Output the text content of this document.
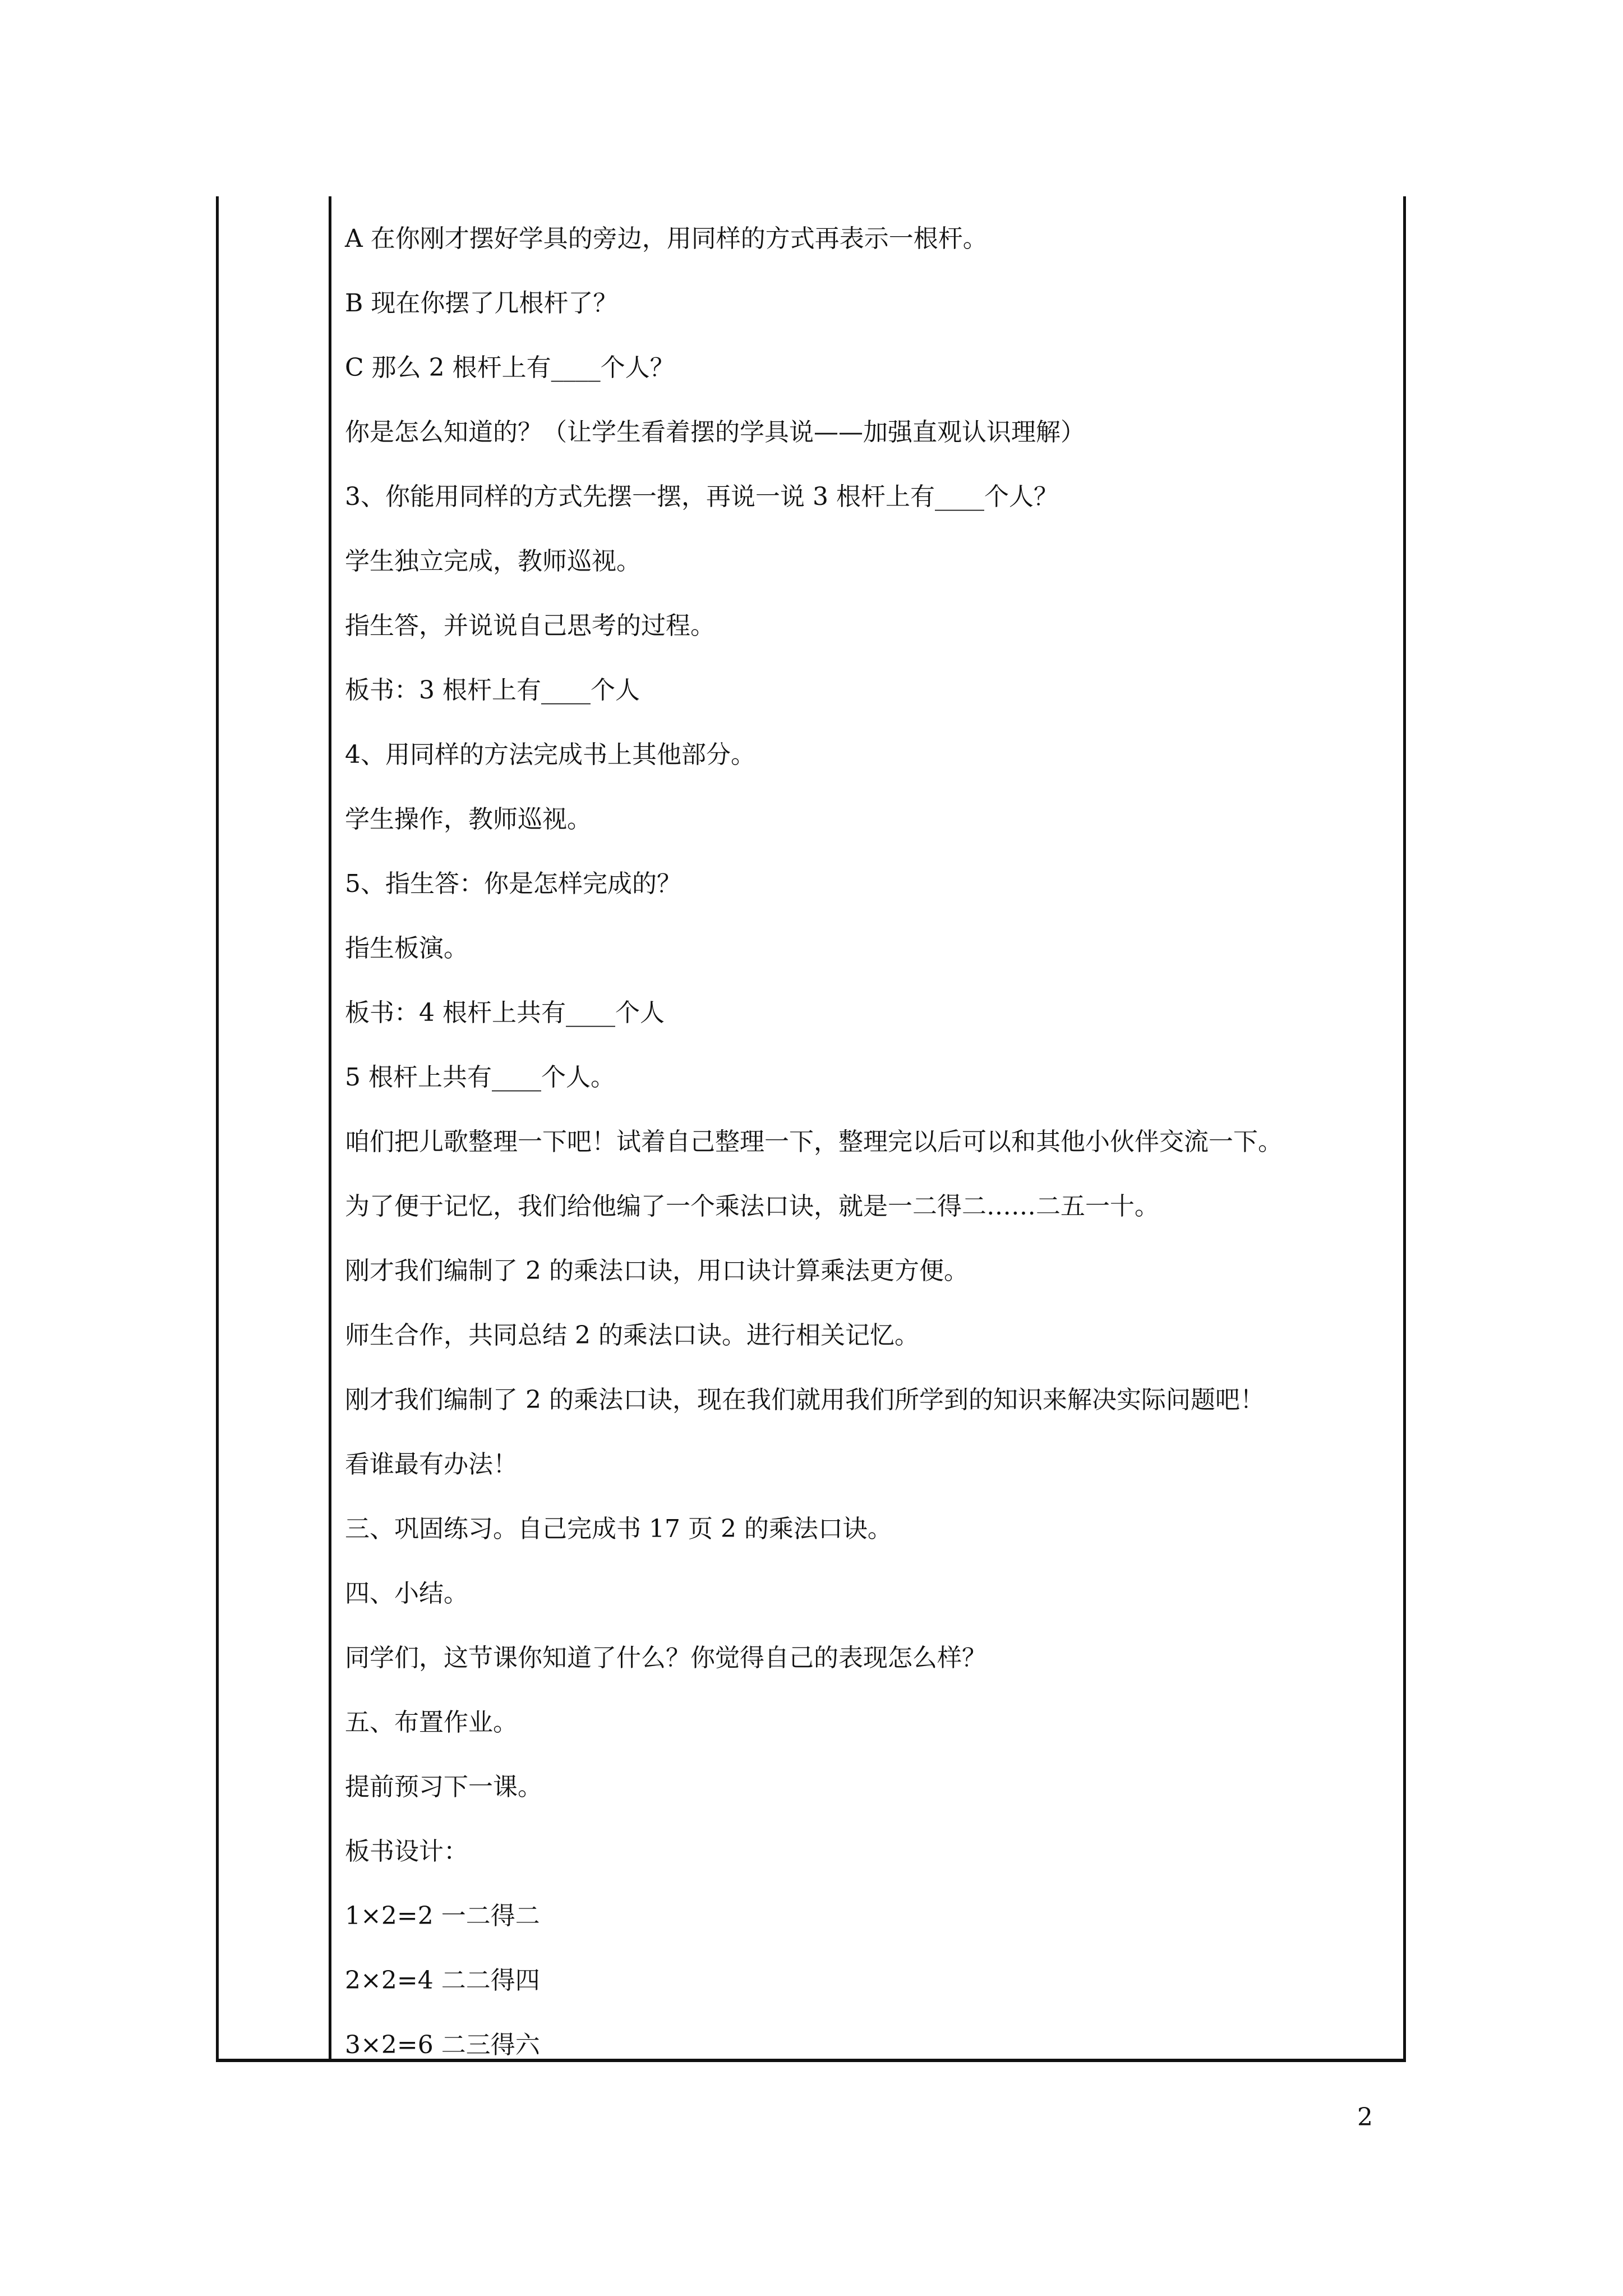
A 在你刚才摆好学具的旁边，用同样的方式再表示一根杆。
B 现在你摆了几根杆了？
C 那么 2 根杆上有____个人？
你是怎么知道的？（让学生看着摆的学具说——加强直观认识理解）
3、你能用同样的方式先摆一摆，再说一说 3 根杆上有____个人？
学生独立完成，教师巡视。
指生答，并说说自己思考的过程。
板书：3 根杆上有____个人
4、用同样的方法完成书上其他部分。
学生操作，教师巡视。
5、指生答：你是怎样完成的？
指生板演。
板书：4 根杆上共有____个人
5 根杆上共有____个人。
咱们把儿歌整理一下吧！试着自己整理一下，整理完以后可以和其他小伙伴交流一下。
为了便于记忆，我们给他编了一个乘法口诀，就是一二得二……二五一十。
刚才我们编制了 2 的乘法口诀，用口诀计算乘法更方便。
师生合作，共同总结 2 的乘法口诀。进行相关记忆。
刚才我们编制了 2 的乘法口诀，现在我们就用我们所学到的知识来解决实际问题吧！
看谁最有办法！
三、巩固练习。自己完成书 17 页 2 的乘法口诀。
四、小结。
同学们，这节课你知道了什么？你觉得自己的表现怎么样？
五、布置作业。
提前预习下一课。
板书设计：
1×2=2 一二得二
2×2=4 二二得四
3×2=6 二三得六
2
